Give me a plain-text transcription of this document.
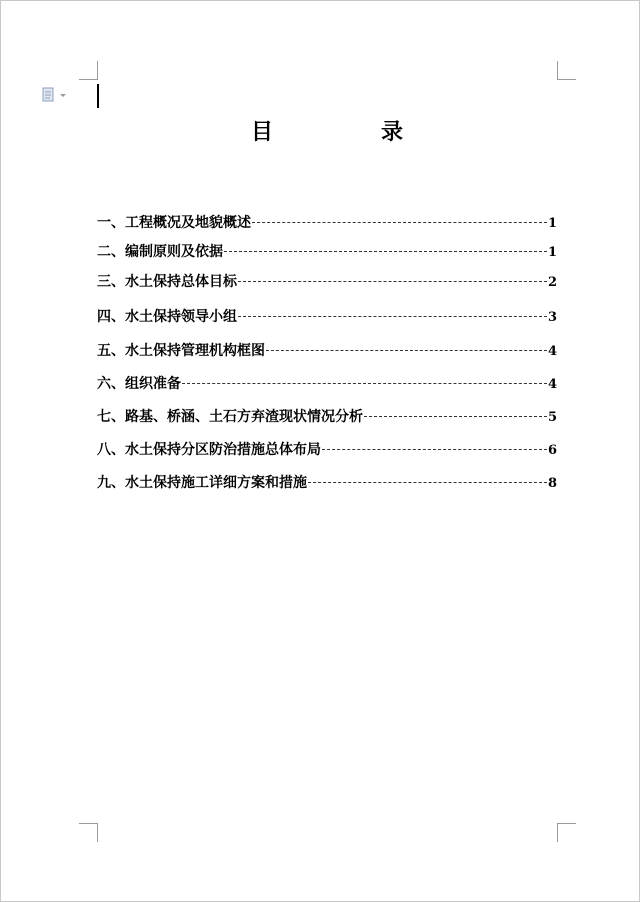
目	录
一、工程概况及地貌概述	1
二、编制原则及依据	1
三、水土保持总体目标	2
四、水土保持领导小组	3
五、水土保持管理机构框图	4
六、组织准备	4
七、路基、桥涵、土石方弃渣现状情况分析	5
八、水土保持分区防治措施总体布局	6
九、水土保持施工详细方案和措施	8
